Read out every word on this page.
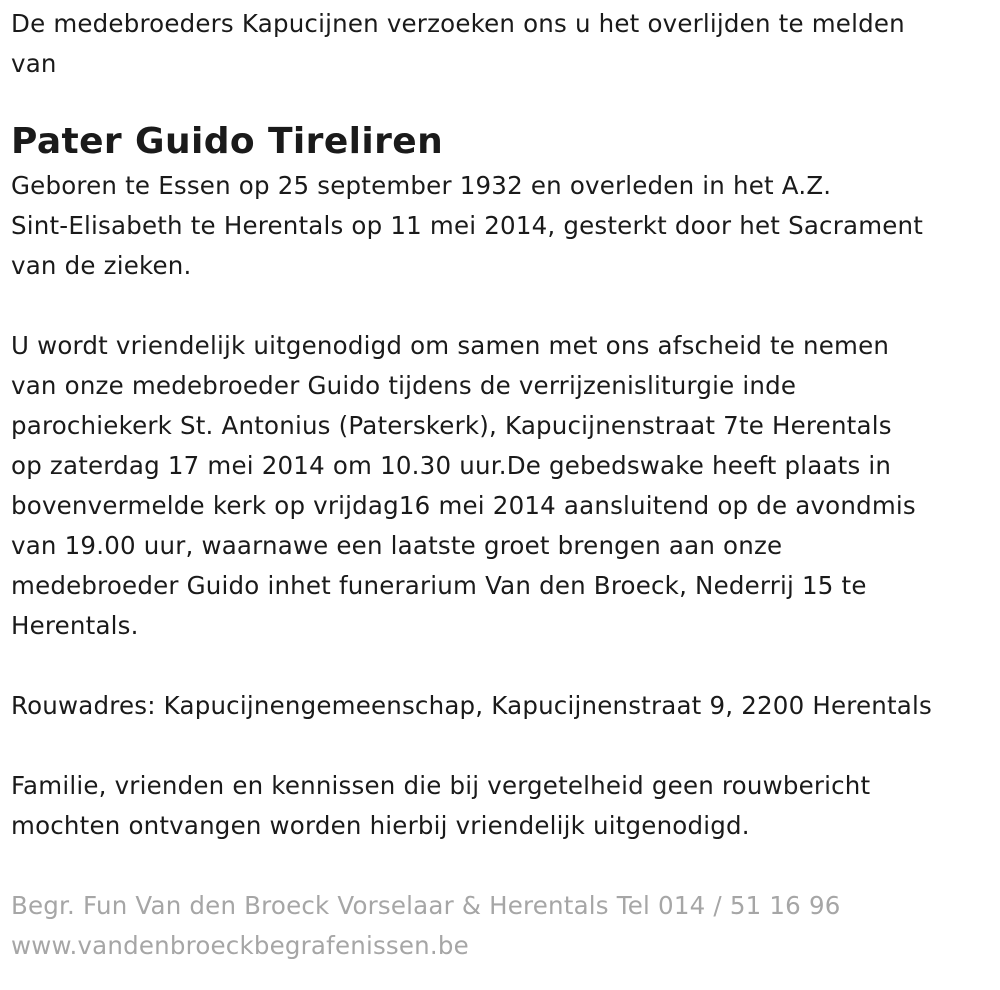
De medebroeders Kapucijnen verzoeken ons u het overlijden te melden
van

Pater Guido Tireliren

Geboren te Essen op 25 september 1932 en overleden in het A.Z.
Sint-Elisabeth te Herentals op 11 mei 2014, gesterkt door het Sacrament
van de zieken.

U wordt vriendelijk uitgenodigd om samen met ons afscheid te nemen
van onze medebroeder Guido tijdens de verrijzenisliturgie inde
parochiekerk St. Antonius (Paterskerk), Kapucijnenstraat 7te Herentals
op zaterdag 17 mei 2014 om 10.30 uur.De gebedswake heeft plaats in
bovenvermelde kerk op vrijdag16 mei 2014 aansluitend op de avondmis
van 19.00 uur, waarnawe een laatste groet brengen aan onze
medebroeder Guido inhet funerarium Van den Broeck, Nederrij 15 te
Herentals.

Rouwadres: Kapucijnengemeenschap, Kapucijnenstraat 9, 2200 Herentals

Familie, vrienden en kennissen die bij vergetelheid geen rouwbericht
mochten ontvangen worden hierbij vriendelijk uitgenodigd.

Begr. Fun Van den Broeck Vorselaar & Herentals Tel 014 / 51 16 96
www.vandenbroeckbegrafenissen.be
